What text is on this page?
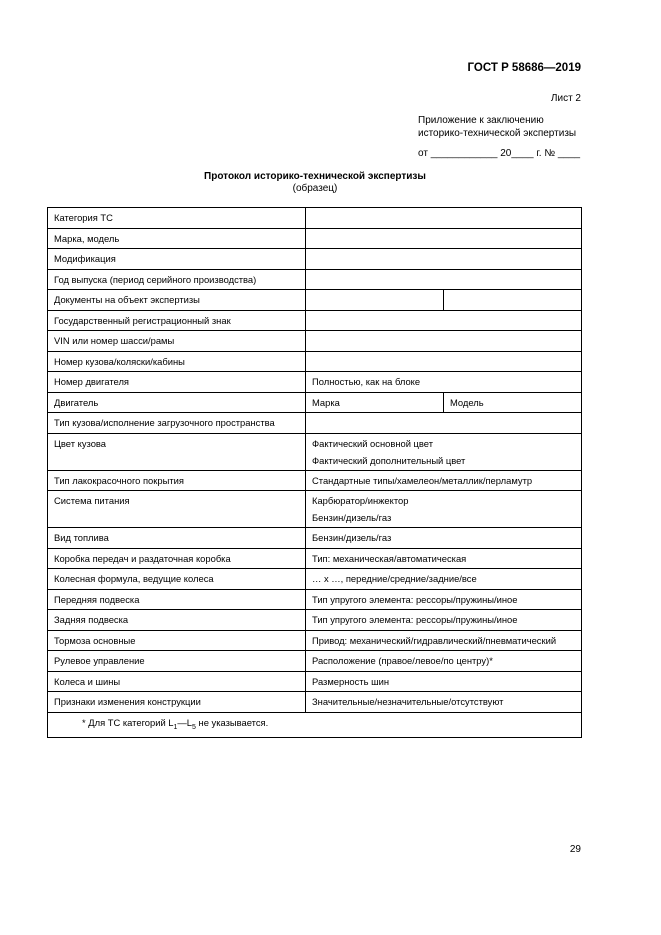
ГОСТ Р 58686—2019
Лист 2
Приложение к заключению
историко-технической экспертизы
от ____________ 20____ г. № ____
Протокол историко-технической экспертизы
(образец)
Категория ТС		
Марка, модель		
Модификация		
Год выпуска (период серийного производства)		
Документы на объект экспертизы		
Государственный регистрационный знак		
VIN или номер шасси/рамы		
Номер кузова/коляски/кабины		
Номер двигателя	Полностью, как на блоке	
Двигатель	Марка	Модель
Тип кузова/исполнение загрузочного пространства		
Цвет кузова	Фактический основной цвет
Фактический дополнительный цвет	

Тип лакокрасочного покрытия	Стандартные типы/хамелеон/металлик/перламутр	
Система питания	Карбюратор/инжектор
Бензин/дизель/газ	

Вид топлива	Бензин/дизель/газ	
Коробка передач и раздаточная коробка	Тип: механическая/автоматическая	
Колесная формула, ведущие колеса	… x …, передние/средние/задние/все	
Передняя подвеска	Тип упругого элемента: рессоры/пружины/иное	
Задняя подвеска	Тип упругого элемента: рессоры/пружины/иное	
Тормоза основные	Привод: механический/гидравлический/пневматический	
Рулевое управление	Расположение (правое/левое/по центру)*	
Колеса и шины	Размерность шин	
Признаки изменения конструкции	Значительные/незначительные/отсутствуют	
* Для ТС категорий $L_1—L_5$ не указывается.		
29
